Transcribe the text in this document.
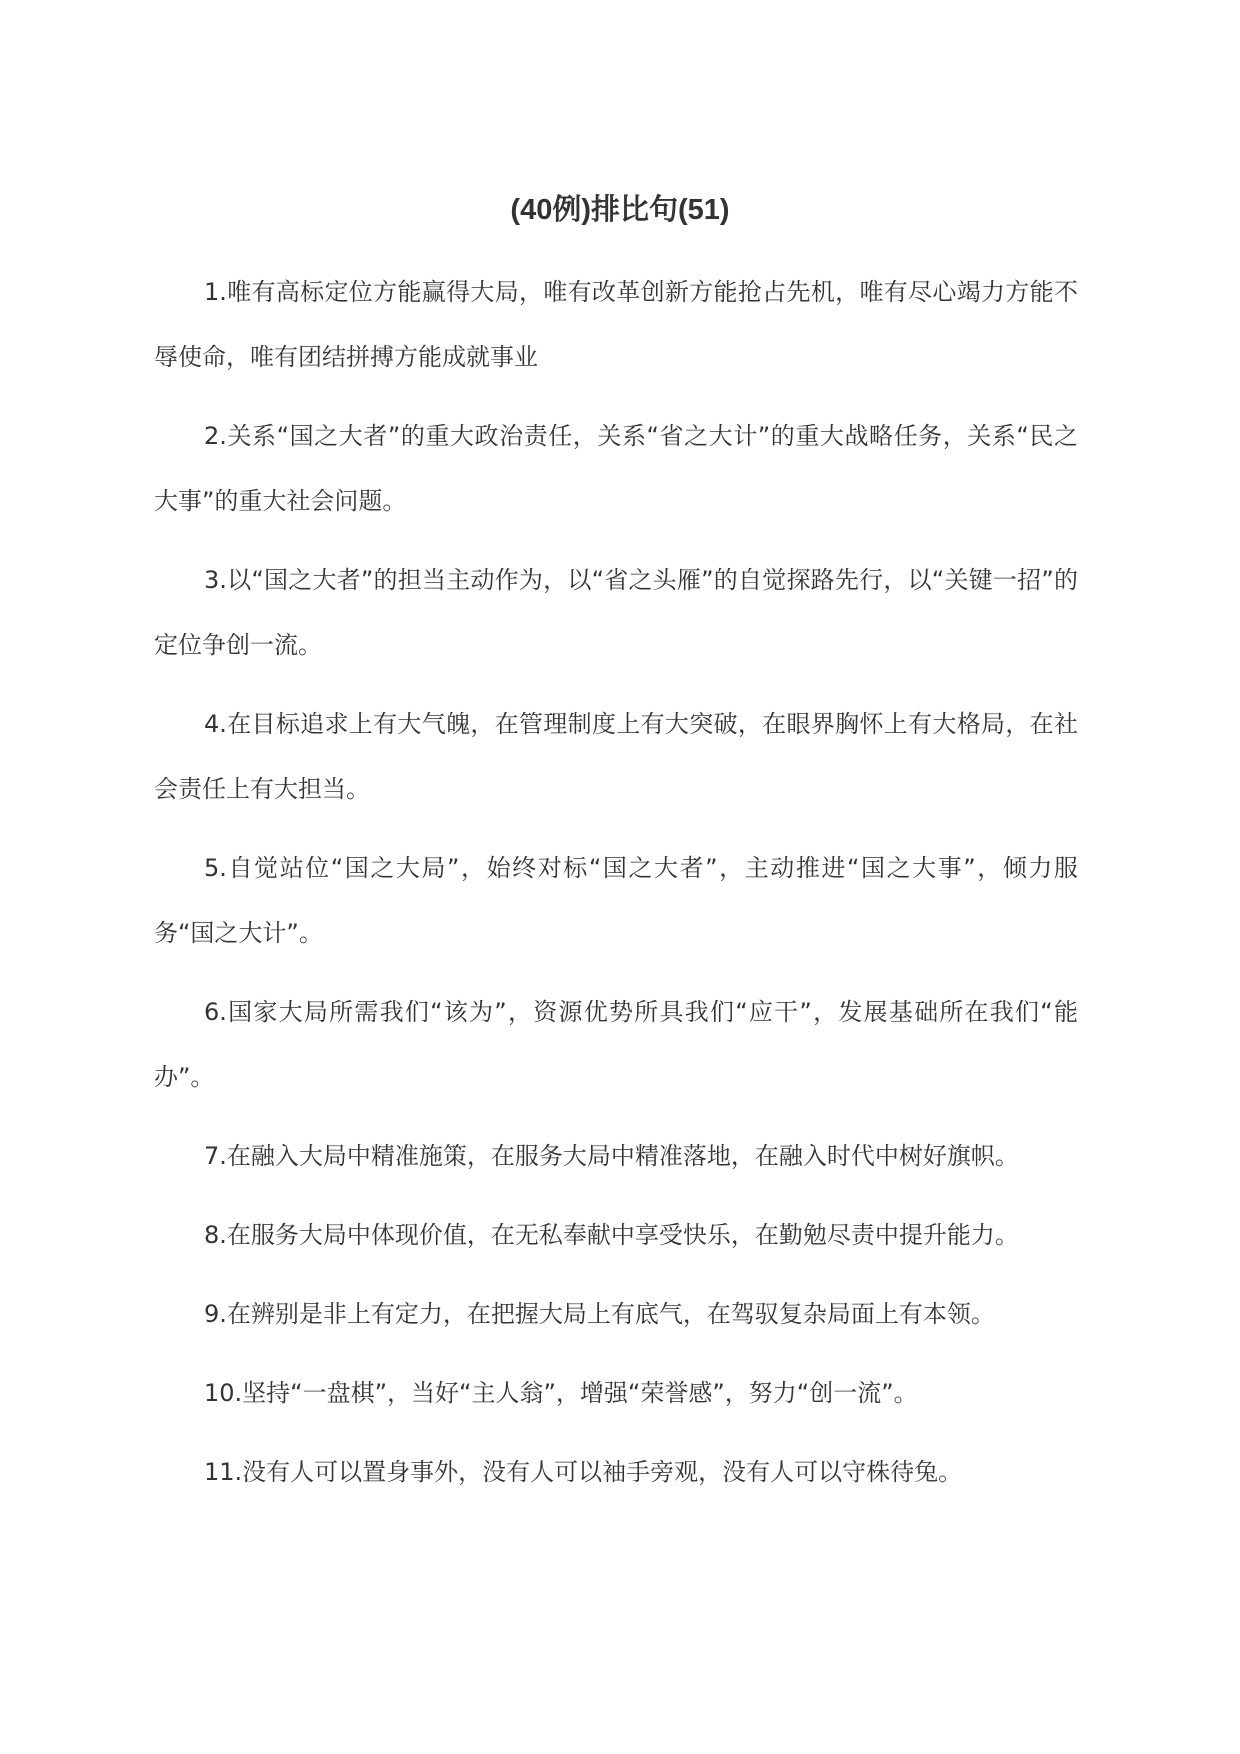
(40例)排比句(51)

1.唯有高标定位方能赢得大局，唯有改革创新方能抢占先机，唯有尽心竭力方能不辱使命，唯有团结拼搏方能成就事业

2.关系“国之大者”的重大政治责任，关系“省之大计”的重大战略任务，关系“民之大事”的重大社会问题。

3.以“国之大者”的担当主动作为，以“省之头雁”的自觉探路先行，以“关键一招”的定位争创一流。

4.在目标追求上有大气魄，在管理制度上有大突破，在眼界胸怀上有大格局，在社会责任上有大担当。

5.自觉站位“国之大局”，始终对标“国之大者”，主动推进“国之大事”，倾力服务“国之大计”。

6.国家大局所需我们“该为”，资源优势所具我们“应干”，发展基础所在我们“能办”。

7.在融入大局中精准施策，在服务大局中精准落地，在融入时代中树好旗帜。

8.在服务大局中体现价值，在无私奉献中享受快乐，在勤勉尽责中提升能力。

9.在辨别是非上有定力，在把握大局上有底气，在驾驭复杂局面上有本领。

10.坚持“一盘棋”，当好“主人翁”，增强“荣誉感”，努力“创一流”。

11.没有人可以置身事外，没有人可以袖手旁观，没有人可以守株待兔。
